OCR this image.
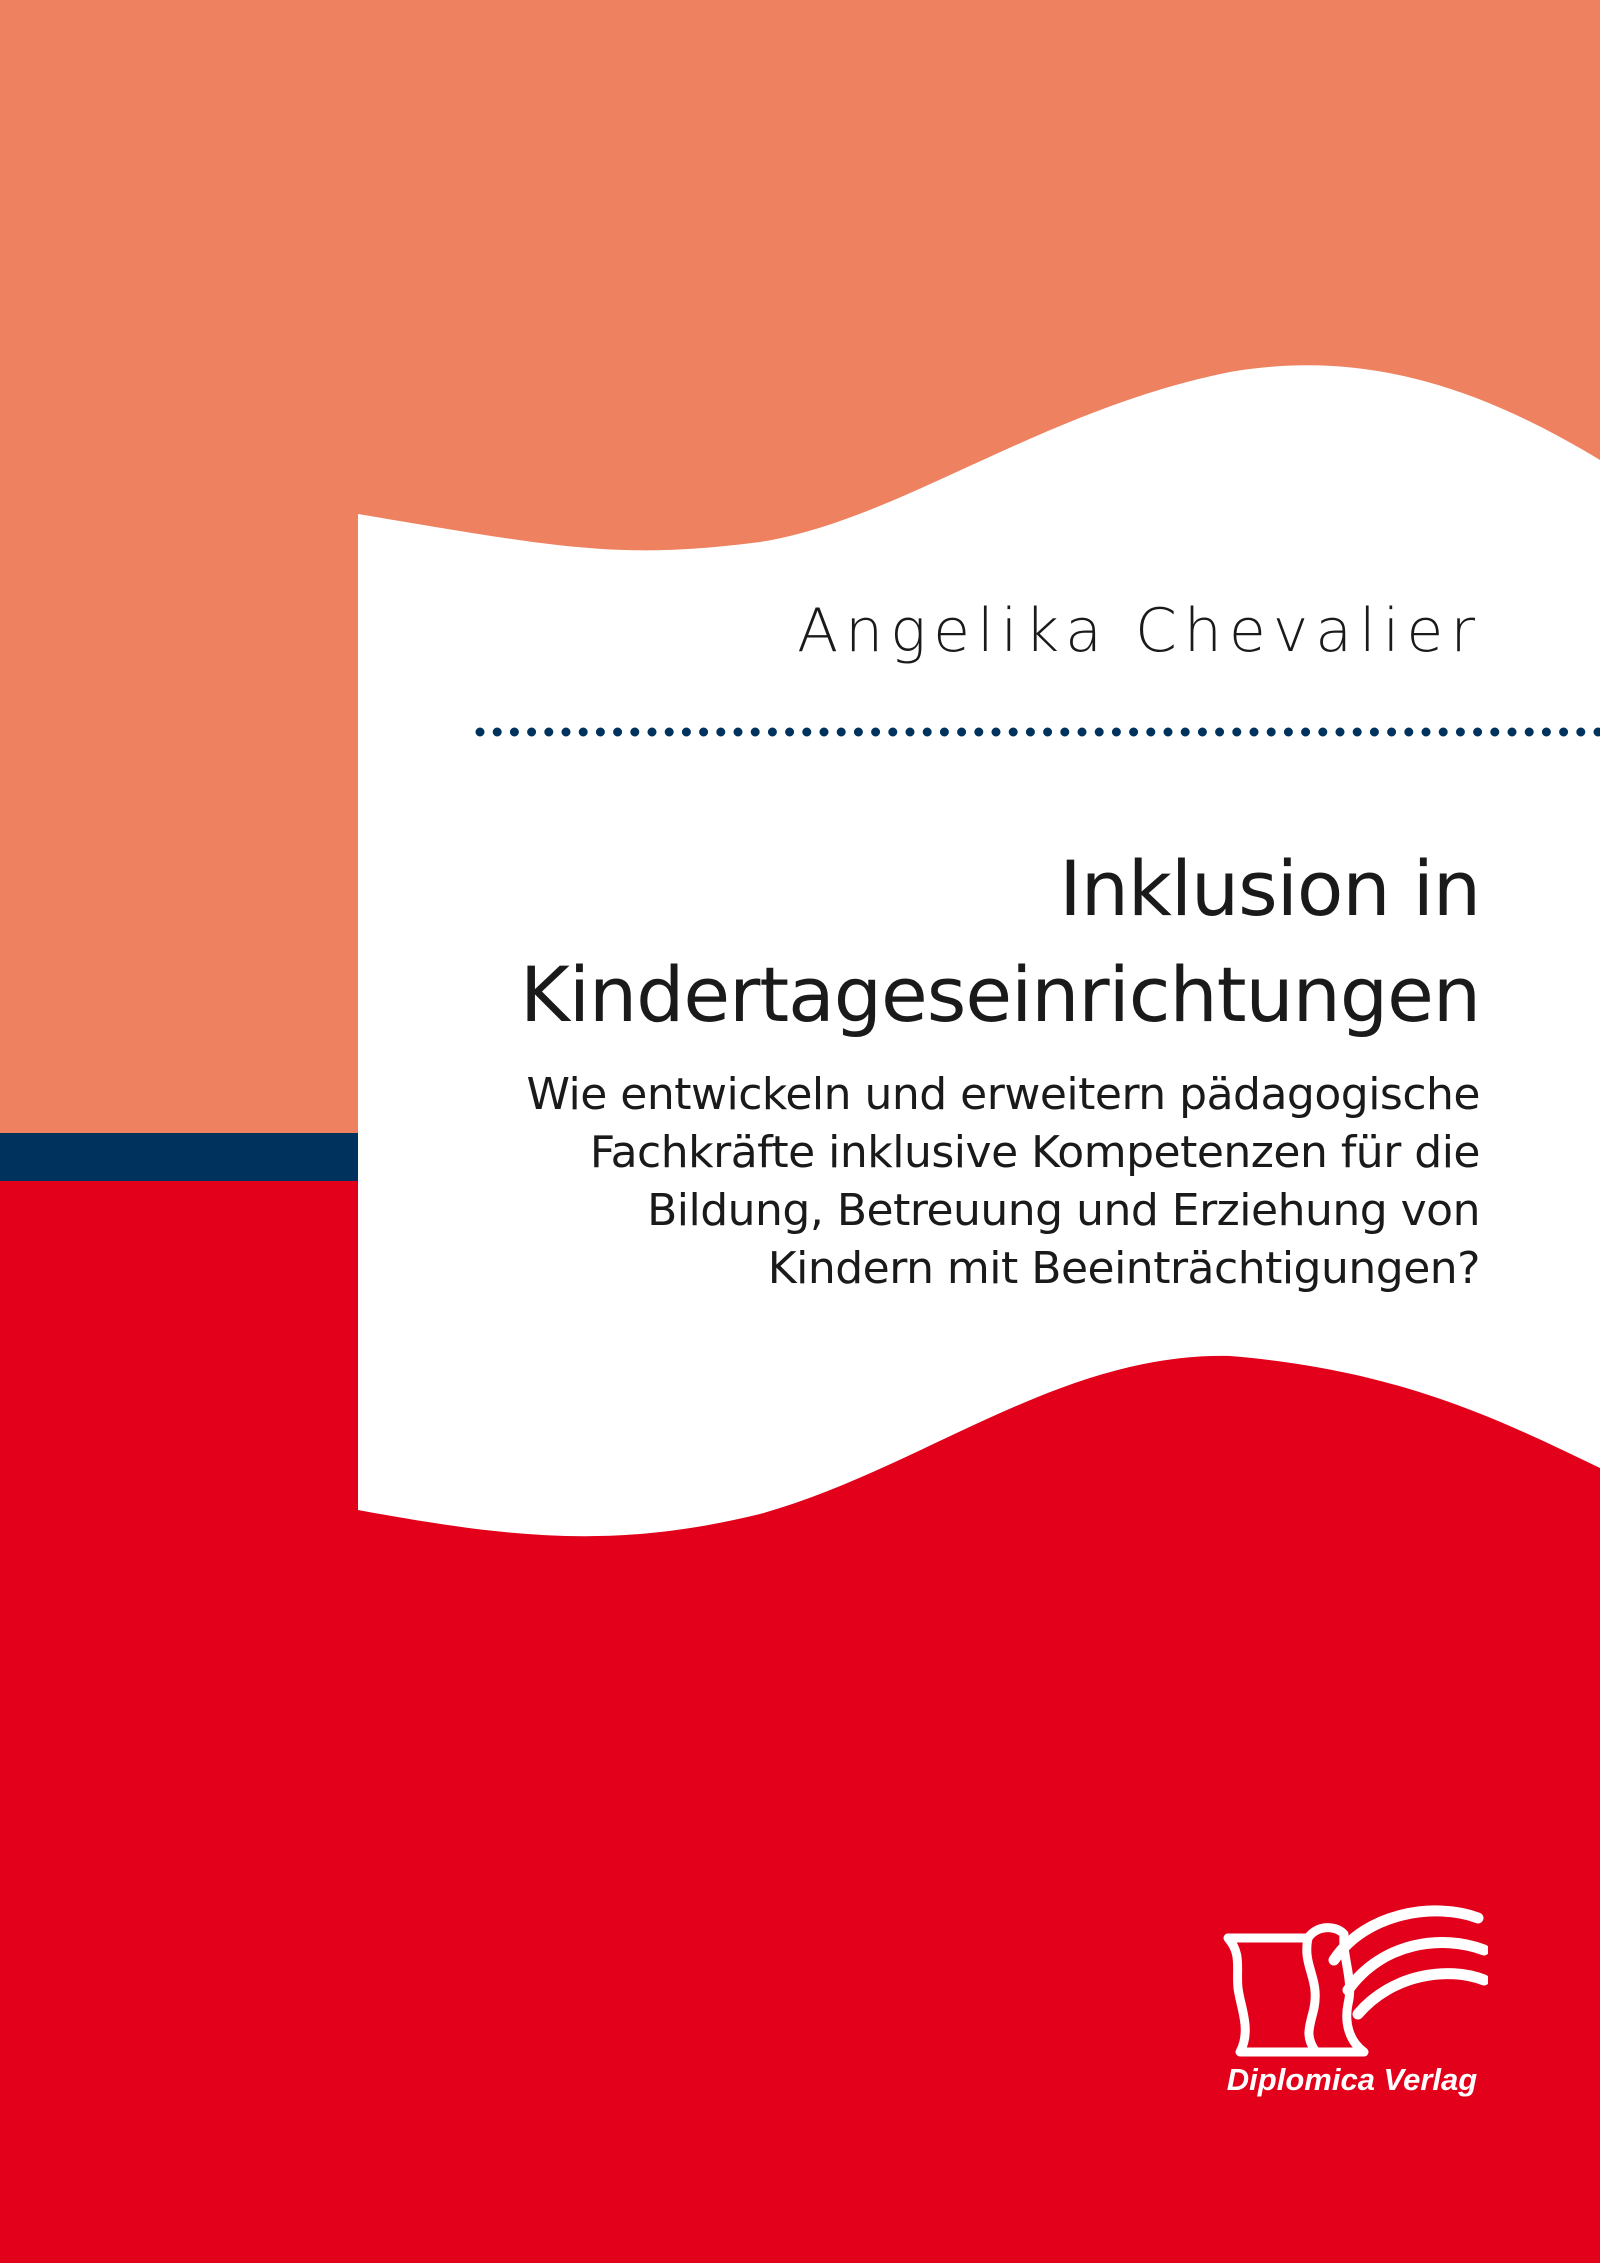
Angelika Chevalier
Inklusion in
Kindertageseinrichtungen
Wie entwickeln und erweitern pädagogische
Fachkräfte inklusive Kompetenzen für die
Bildung, Betreuung und Erziehung von
Kindern mit Beeinträchtigungen?
Diplomica Verlag
